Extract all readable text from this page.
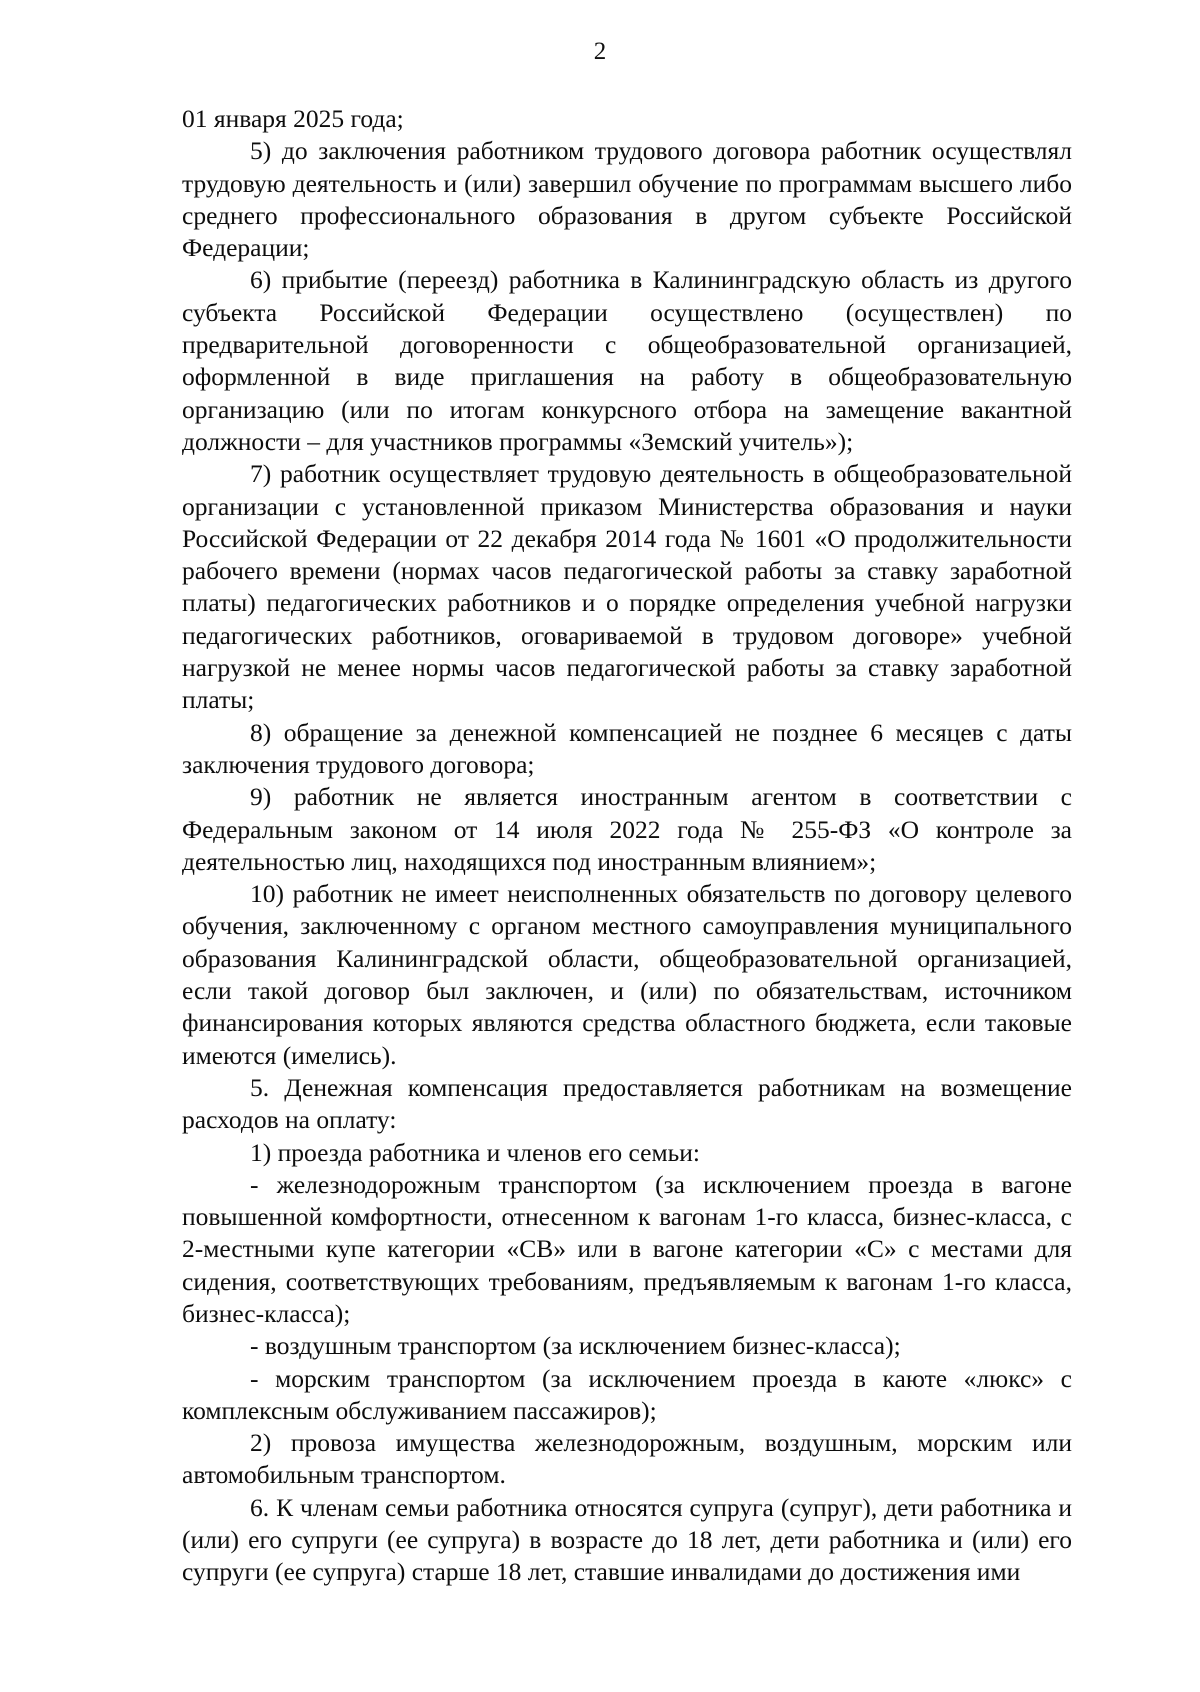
2

01 января 2025 года;

5) до заключения работником трудового договора работник осуществлял трудовую деятельность и (или) завершил обучение по программам высшего либо среднего профессионального образования в другом субъекте Российской Федерации;

6) прибытие (переезд) работника в Калининградскую область из другого субъекта Российской Федерации осуществлено (осуществлен) по предварительной договоренности с общеобразовательной организацией, оформленной в виде приглашения на работу в общеобразовательную организацию (или по итогам конкурсного отбора на замещение вакантной должности – для участников программы «Земский учитель»);

7) работник осуществляет трудовую деятельность в общеобразовательной организации с установленной приказом Министерства образования и науки Российской Федерации от 22 декабря 2014 года № 1601 «О продолжительности рабочего времени (нормах часов педагогической работы за ставку заработной платы) педагогических работников и о порядке определения учебной нагрузки педагогических работников, оговариваемой в трудовом договоре» учебной нагрузкой не менее нормы часов педагогической работы за ставку заработной платы;

8) обращение за денежной компенсацией не позднее 6 месяцев с даты заключения трудового договора;

9) работник не является иностранным агентом в соответствии с Федеральным законом от 14 июля 2022 года № 255-ФЗ «О контроле за деятельностью лиц, находящихся под иностранным влиянием»;

10) работник не имеет неисполненных обязательств по договору целевого обучения, заключенному с органом местного самоуправления муниципального образования Калининградской области, общеобразовательной организацией, если такой договор был заключен, и (или) по обязательствам, источником финансирования которых являются средства областного бюджета, если таковые имеются (имелись).

5. Денежная компенсация предоставляется работникам на возмещение расходов на оплату:

1) проезда работника и членов его семьи:

- железнодорожным транспортом (за исключением проезда в вагоне повышенной комфортности, отнесенном к вагонам 1-го класса, бизнес-класса, с 2-местными купе категории «СВ» или в вагоне категории «С» с местами для сидения, соответствующих требованиям, предъявляемым к вагонам 1-го класса, бизнес-класса);

- воздушным транспортом (за исключением бизнес-класса);

- морским транспортом (за исключением проезда в каюте «люкс» с комплексным обслуживанием пассажиров);

2) провоза имущества железнодорожным, воздушным, морским или автомобильным транспортом.

6. К членам семьи работника относятся супруга (супруг), дети работника и (или) его супруги (ее супруга) в возрасте до 18 лет, дети работника и (или) его супруги (ее супруга) старше 18 лет, ставшие инвалидами до достижения ими
